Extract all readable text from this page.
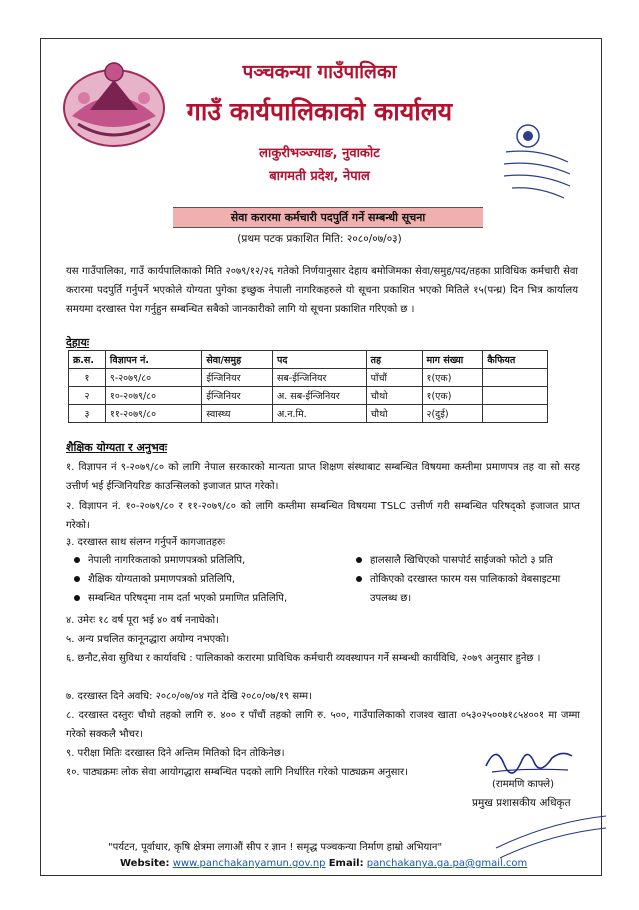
पञ्चकन्या गाउँपालिका
गाउँ कार्यपालिकाको कार्यालय
लाकुरीभञ्ज्याङ, नुवाकोट
बागमती प्रदेश, नेपाल
सेवा करारमा कर्मचारी पदपुर्ति गर्ने सम्बन्धी सूचना
(प्रथम पटक प्रकाशित मिति: २०८०/०७/०३)
यस गाउँपालिका, गाउँ कार्यपालिकाको मिति २०७९/१२/२६ गतेको निर्णयानुसार देहाय बमोजिमका सेवा/समुह/पद/तहका प्राविधिक कर्मचारी सेवा करारमा पदपुर्ति गर्नुपर्ने भएकोले योग्यता पुगेका इच्छुक नेपाली नागरिकहरुले यो सूचना प्रकाशित भएको मितिले १५(पन्ध्र) दिन भित्र कार्यालय समयमा दरखास्त पेश गर्नुहुन सम्बन्धित सबैको जानकारीको लागि यो सूचना प्रकाशित गरिएको छ ।
देहायः
क्र.स.	विज्ञापन नं.	सेवा/समुह	पद	तह	माग संख्या	कैफियत
१	९-२०७९/८०	ईन्जिनियर	सब-ईन्जिनियर	पाँचौं	१(एक)	
२	१०-२०७९/८०	ईन्जिनियर	अ. सब-ईन्जिनियर	चौथो	१(एक)	
३	११-२०७९/८०	स्वास्थ्य	अ.न.मि.	चौथो	२(दुई)	
शैक्षिक योग्यता र अनुभवः
१. विज्ञापन नं ९-२०७९/८० को लागि नेपाल सरकारको मान्यता प्राप्त शिक्षण संस्थाबाट सम्बन्धित विषयमा कम्तीमा प्रमाणपत्र तह वा सो सरह उत्तीर्ण भई ईन्जिनियरिङ काउन्सिलको इजाजत प्राप्त गरेको।
२. विज्ञापन नं. १०-२०७९/८० र ११-२०७९/८० को लागि कम्तीमा सम्बन्धित विषयमा TSLC उत्तीर्ण गरी सम्बन्धित परिषद्को इजाजत प्राप्त गरेको।
३. दरखास्त साथ संलग्न गर्नुपर्ने कागजातहरुः
नेपाली नागरिकताको प्रमाणपत्रको प्रतिलिपि,
शैक्षिक योग्यताको प्रमाणपत्रको प्रतिलिपि,
सम्बन्धित परिषद्‌मा नाम दर्ता भएको प्रमाणित प्रतिलिपि,
हालसालै खिचिएको पासपोर्ट साईजको फोटो ३ प्रति
तोकिएको दरखास्त फारम यस पालिकाको वेबसाइटमा
उपलब्ध छ।
४. उमेरः १८ वर्ष पूरा भई ४० वर्ष ननाघेको।
५. अन्य प्रचलित कानूनद्धारा अयोग्य नभएको।
६. छनौट,सेवा सुविधा र कार्यावधि : पालिकाको करारमा प्राविधिक कर्मचारी व्यवस्थापन गर्ने सम्बन्धी कार्यविधि, २०७९ अनुसार हुनेछ ।
७. दरखास्त दिने अवधि: २०८०/०७/०४ गते देखि २०८०/०७/१९ सम्म।
८. दरखास्त दस्तुरः चौथो तहको लागि रु. ४०० र पाँचौं तहको लागि रु. ५००, गाउँपालिकाको राजश्व खाता ०५३०२५००७१८५४००१ मा जम्मा गरेको सक्कलै भौचर।
९. परीक्षा मितिः दरखास्त दिने अन्तिम मितिको दिन तोकिनेछ।
१०. पाठ्यक्रमः लोक सेवा आयोगद्धारा सम्बन्धित पदको लागि निर्धारित गरेको पाठ्यक्रम अनुसार।
(राममणि काफ्ले)
प्रमुख प्रशासकीय अधिकृत
"पर्यटन, पूर्वाधार, कृषि क्षेत्रमा लगाऔं सीप र ज्ञान ! समृद्ध पञ्चकन्या निर्माण हाम्रो अभियान"
Website: www.panchakanyamun.gov.np Email: panchakanya.ga.pa@gmail.com
